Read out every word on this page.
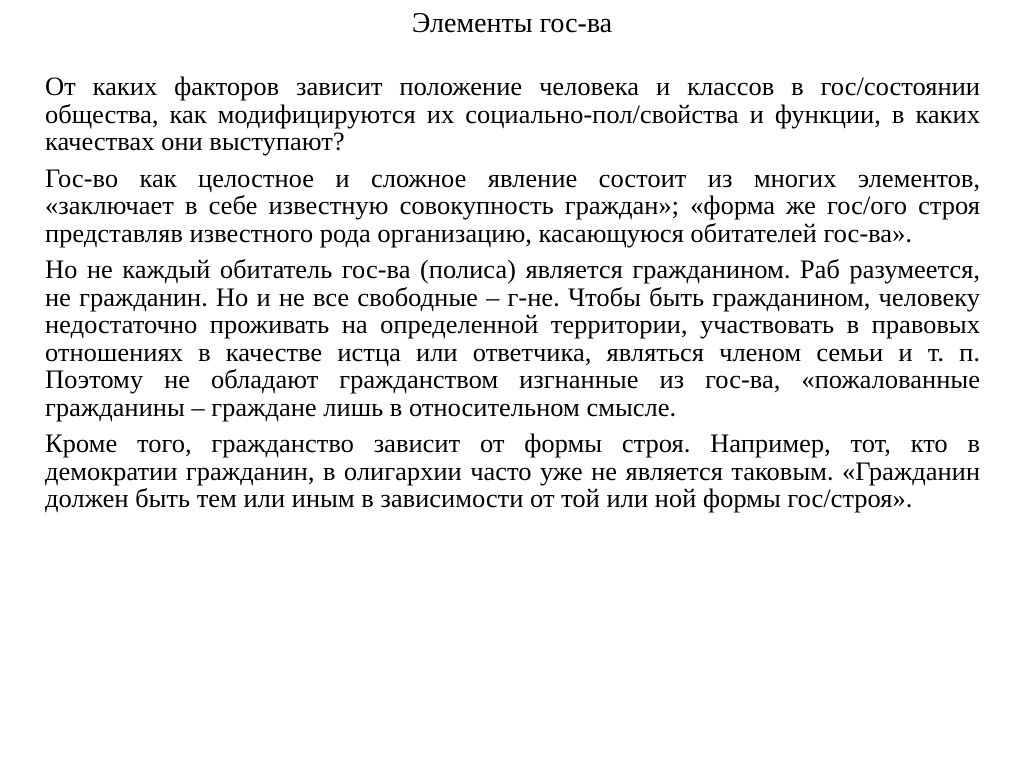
Элементы гос-ва

От каких факторов зависит положение человека и классов в гос/состоянии общества, как модифицируются их социально-пол/свойства и функции, в каких качествах они выступают?

Гос-во как целостное и сложное явление состоит из многих элементов, «заключает в себе известную совокупность граждан»; «форма же гос/ого строя представляв известного рода организацию, касающуюся обитателей гос-ва».

Но не каждый обитатель гос-ва (полиса) является гражданином. Раб разумеется, не гражданин. Но и не все свободные – г-не. Чтобы быть гражданином, человеку недостаточно проживать на определенной территории, участвовать в правовых отношениях в качестве истца или ответчика, являться членом семьи и т. п. Поэтому не обладают гражданством изгнанные из гос-ва, «пожалованные гражданины – граждане лишь в относительном смысле.

Кроме того, гражданство зависит от формы строя. Например, тот, кто в демократии гражданин, в олигархии часто уже не является таковым. «Гражданин должен быть тем или иным в зависимости от той или ной формы гос/строя».
